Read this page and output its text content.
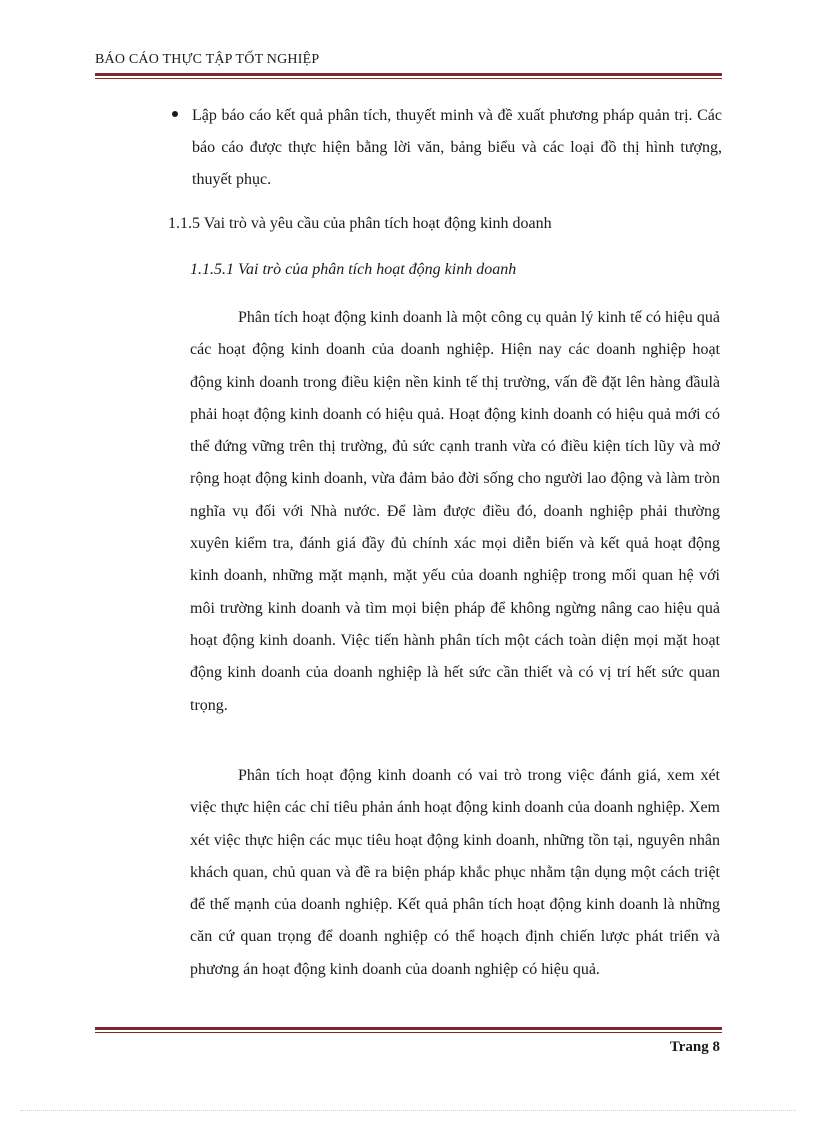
BÁO CÁO THỰC TẬP TỐT NGHIỆP
Lập báo cáo kết quả phân tích, thuyết minh và đề xuất phương pháp quản trị. Các báo cáo được thực hiện bằng lời văn, bảng biểu và các loại đồ thị hình tượng, thuyết phục.
1.1.5 Vai trò và yêu cầu của phân tích hoạt động kinh doanh
1.1.5.1 Vai trò của phân tích hoạt động kinh doanh

Phân tích hoạt động kinh doanh là một công cụ quản lý kinh tế có hiệu quả các hoạt động kinh doanh của doanh nghiệp. Hiện nay các doanh nghiệp hoạt động kinh doanh trong điều kiện nền kinh tế thị trường, vấn đề đặt lên hàng đầulà phải hoạt động kinh doanh có hiệu quả. Hoạt động kinh doanh có hiệu quả mới có thể đứng vững trên thị trường, đủ sức cạnh tranh vừa có điều kiện tích lũy và mở rộng hoạt động kinh doanh, vừa đảm bảo đời sống cho người lao động và làm tròn nghĩa vụ đối với Nhà nước. Để làm được điều đó, doanh nghiệp phải thường xuyên kiểm tra, đánh giá đầy đủ chính xác mọi diễn biến và kết quả hoạt động kinh doanh, những mặt mạnh, mặt yếu của doanh nghiệp trong mối quan hệ với môi trường kinh doanh và tìm mọi biện pháp để không ngừng nâng cao hiệu quả hoạt động kinh doanh. Việc tiến hành phân tích một cách toàn diện mọi mặt hoạt động kinh doanh của doanh nghiệp là hết sức cần thiết và có vị trí hết sức quan trọng.

Phân tích hoạt động kinh doanh có vai trò trong việc đánh giá, xem xét việc thực hiện các chỉ tiêu phản ánh hoạt động kinh doanh của doanh nghiệp. Xem xét việc thực hiện các mục tiêu hoạt động kinh doanh, những tồn tại, nguyên nhân khách quan, chủ quan và đề ra biện pháp khắc phục nhằm tận dụng một cách triệt để thế mạnh của doanh nghiệp. Kết quả phân tích hoạt động kinh doanh là những căn cứ quan trọng để doanh nghiệp có thể hoạch định chiến lược phát triển và phương án hoạt động kinh doanh của doanh nghiệp có hiệu quả.

Trang 8
